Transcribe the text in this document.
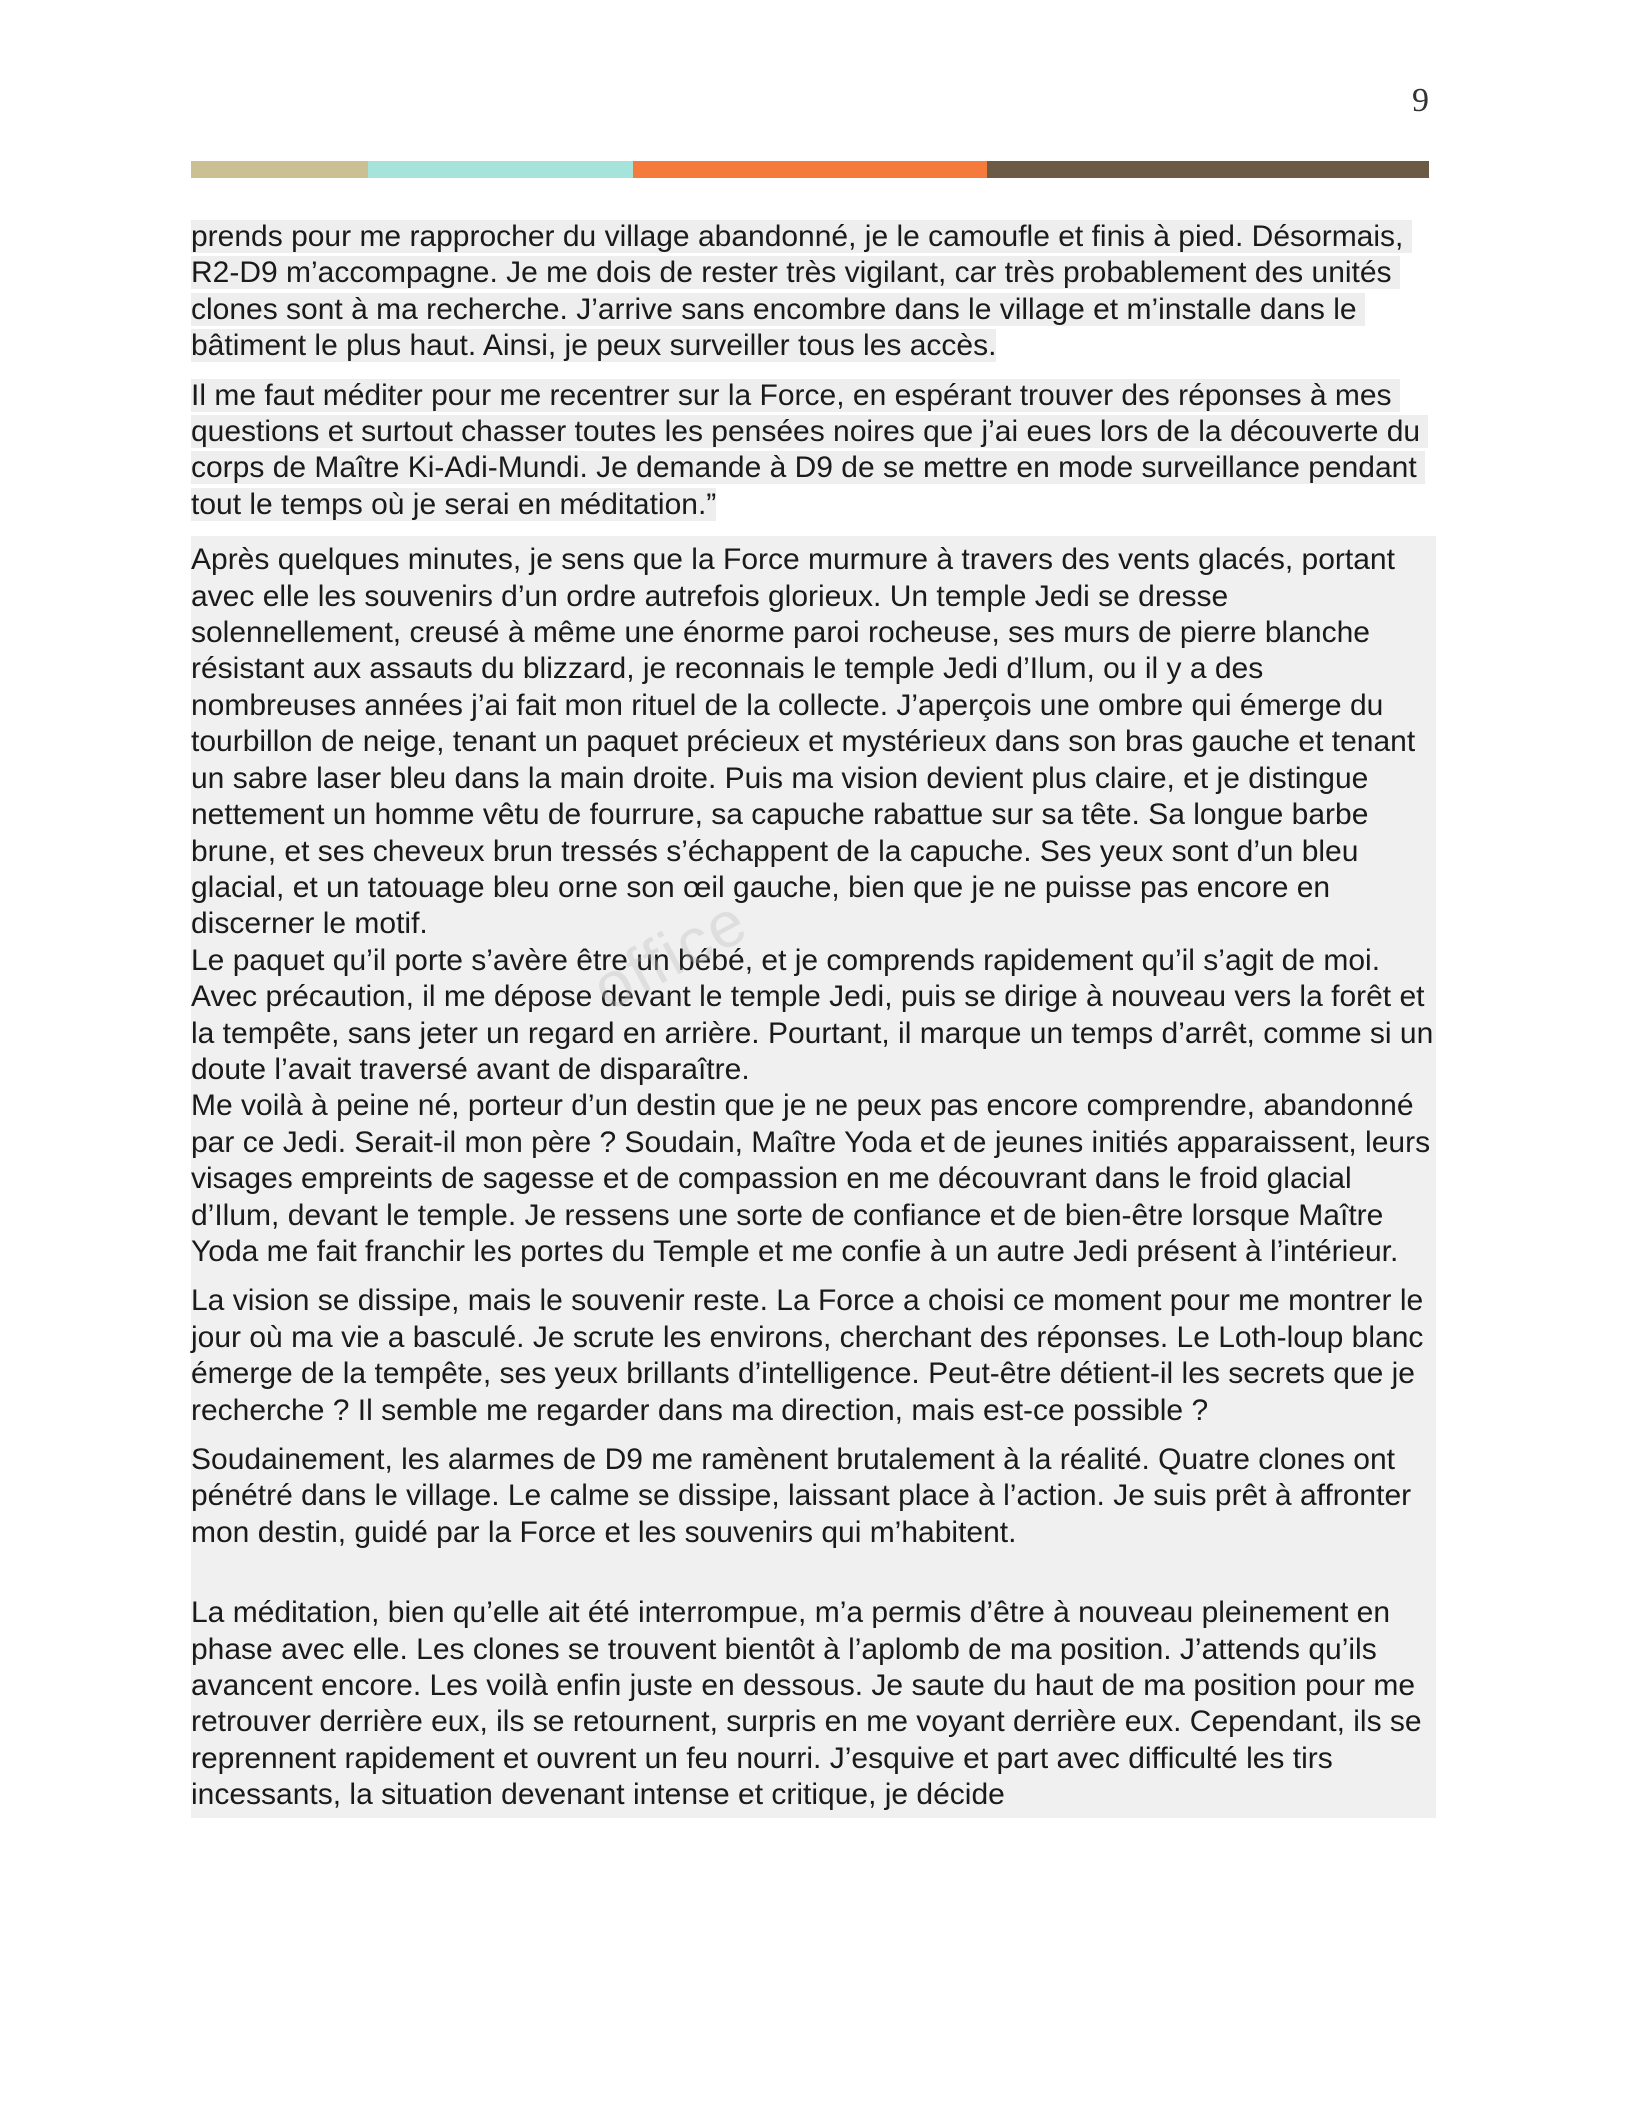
9

prends pour me rapprocher du village abandonné, je le camoufle et finis à pied. Désormais, R2-D9 m’accompagne. Je me dois de rester très vigilant, car très probablement des unités clones sont à ma recherche. J’arrive sans encombre dans le village et m’installe dans le bâtiment le plus haut. Ainsi, je peux surveiller tous les accès.

Il me faut méditer pour me recentrer sur la Force, en espérant trouver des réponses à mes questions et surtout chasser toutes les pensées noires que j’ai eues lors de la découverte du corps de Maître Ki-Adi-Mundi. Je demande à D9 de se mettre en mode surveillance pendant tout le temps où je serai en méditation.”

Après quelques minutes, je sens que la Force murmure à travers des vents glacés, portant avec elle les souvenirs d’un ordre autrefois glorieux. Un temple Jedi se dresse solennellement, creusé à même une énorme paroi rocheuse, ses murs de pierre blanche résistant aux assauts du blizzard, je reconnais le temple Jedi d’Ilum, ou il y a des nombreuses années j’ai fait mon rituel de la collecte. J’aperçois une ombre qui émerge du tourbillon de neige, tenant un paquet précieux et mystérieux dans son bras gauche et tenant un sabre laser bleu dans la main droite. Puis ma vision devient plus claire, et je distingue nettement un homme vêtu de fourrure, sa capuche rabattue sur sa tête. Sa longue barbe brune, et ses cheveux brun tressés s’échappent de la capuche. Ses yeux sont d’un bleu glacial, et un tatouage bleu orne son œil gauche, bien que je ne puisse pas encore en discerner le motif.

Le paquet qu’il porte s’avère être un bébé, et je comprends rapidement qu’il s’agit de moi. Avec précaution, il me dépose devant le temple Jedi, puis se dirige à nouveau vers la forêt et la tempête, sans jeter un regard en arrière. Pourtant, il marque un temps d’arrêt, comme si un doute l’avait traversé avant de disparaître.

Me voilà à peine né, porteur d’un destin que je ne peux pas encore comprendre, abandonné par ce Jedi. Serait-il mon père ? Soudain, Maître Yoda et de jeunes initiés apparaissent, leurs visages empreints de sagesse et de compassion en me découvrant dans le froid glacial d’Ilum, devant le temple. Je ressens une sorte de confiance et de bien-être lorsque Maître Yoda me fait franchir les portes du Temple et me confie à un autre Jedi présent à l’intérieur.

La vision se dissipe, mais le souvenir reste. La Force a choisi ce moment pour me montrer le jour où ma vie a basculé. Je scrute les environs, cherchant des réponses. Le Loth-loup blanc émerge de la tempête, ses yeux brillants d’intelligence. Peut-être détient-il les secrets que je recherche ? Il semble me regarder dans ma direction, mais est-ce possible ?

Soudainement, les alarmes de D9 me ramènent brutalement à la réalité. Quatre clones ont pénétré dans le village. Le calme se dissipe, laissant place à l’action. Je suis prêt à affronter mon destin, guidé par la Force et les souvenirs qui m’habitent.

La méditation, bien qu’elle ait été interrompue, m’a permis d’être à nouveau pleinement en phase avec elle. Les clones se trouvent bientôt à l’aplomb de ma position. J’attends qu’ils avancent encore. Les voilà enfin juste en dessous. Je saute du haut de ma position pour me retrouver derrière eux, ils se retournent, surpris en me voyant derrière eux. Cependant, ils se reprennent rapidement et ouvrent un feu nourri. J’esquive et part avec difficulté les tirs incessants, la situation devenant intense et critique, je décide

office
